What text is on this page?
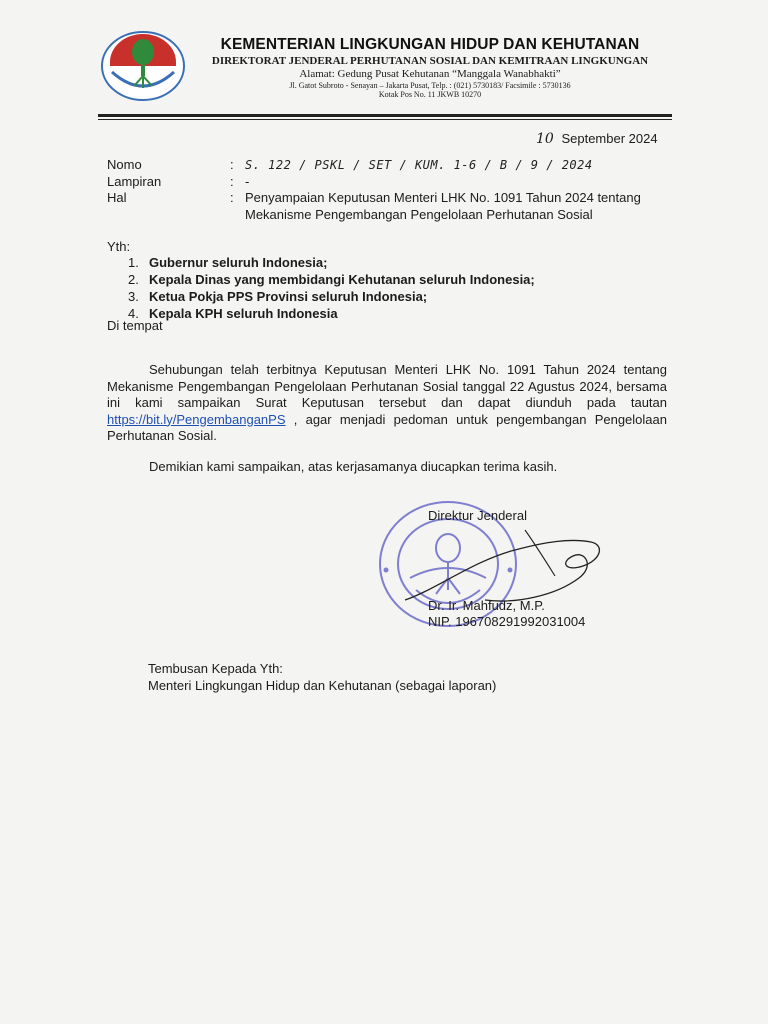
KEMENTERIAN LINGKUNGAN HIDUP DAN KEHUTANAN
DIREKTORAT JENDERAL PERHUTANAN SOSIAL DAN KEMITRAAN LINGKUNGAN
Alamat: Gedung Pusat Kehutanan “Manggala Wanabhakti”
Jl. Gatot Subroto - Senayan – Jakarta Pusat, Telp. : (021) 5730183/ Facsimile : 5730136
Kotak Pos No. 11 JKWB 10270
10 September 2024
Nomo	: S. 122 / PSKL / SET / KUM. 1-6 / B / 9 / 2024
Lampiran	: -
Hal	: Penyampaian Keputusan Menteri LHK No. 1091 Tahun 2024 tentang
Mekanisme Pengembangan Pengelolaan Perhutanan Sosial
Yth:
1. Gubernur seluruh Indonesia;
2. Kepala Dinas yang membidangi Kehutanan seluruh Indonesia;
3. Ketua Pokja PPS Provinsi seluruh Indonesia;
4. Kepala KPH seluruh Indonesia
Di tempat

Sehubungan telah terbitnya Keputusan Menteri LHK No. 1091 Tahun 2024 tentang Mekanisme Pengembangan Pengelolaan Perhutanan Sosial tanggal 22 Agustus 2024, bersama ini kami sampaikan Surat Keputusan tersebut dan dapat diunduh pada tautan https://bit.ly/PengembanganPS , agar menjadi pedoman untuk pengembangan Pengelolaan Perhutanan Sosial.

Demikian kami sampaikan, atas kerjasamanya diucapkan terima kasih.

Direktur Jenderal
Dr. Ir. Mahfudz, M.P.
NIP. 196708291992031004
Tembusan Kepada Yth:
Menteri Lingkungan Hidup dan Kehutanan (sebagai laporan)
